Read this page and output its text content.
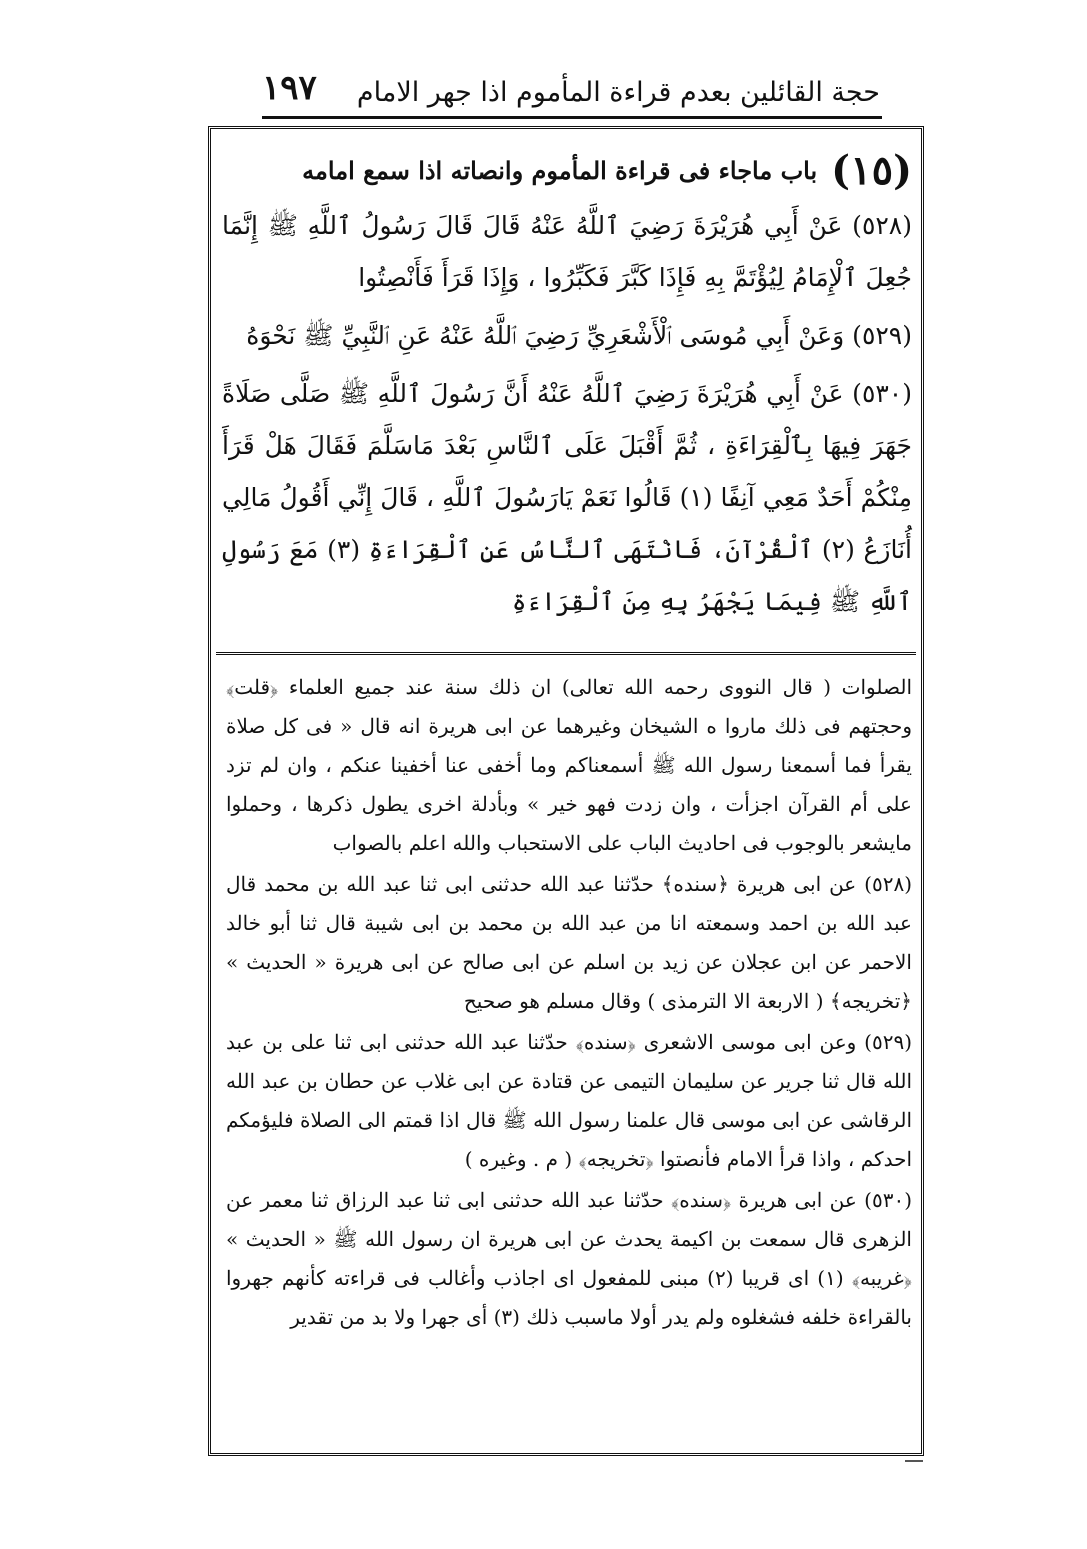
حجة القائلين بعدم قراءة المأموم اذا جهر الامام
١٩٧
(١٥)
باب ماجاء فى قراءة المأموم وانصاته اذا سمع امامه

(٥٢٨) عَنْ أَبِي هُرَيْرَةَ رَضِيَ ٱللَّهُ عَنْهُ قَالَ قَالَ رَسُولُ ٱللَّهِ ﷺ إِنَّمَا جُعِلَ ٱلْإِمَامُ لِيُؤْتَمَّ بِهِ فَإِذَا كَبَّرَ فَكَبِّرُوا ، وَإِذَا قَرَأَ فَأَنْصِتُوا

(٥٢٩) وَعَنْ أَبِي مُوسَى ٱلْأَشْعَرِيِّ رَضِيَ ٱللَّهُ عَنْهُ عَنِ ٱلنَّبِيِّ ﷺ نَحْوَهُ

(٥٣٠) عَنْ أَبِي هُرَيْرَةَ رَضِيَ ٱللَّهُ عَنْهُ أَنَّ رَسُولَ ٱللَّهِ ﷺ صَلَّى صَلَاةً جَهَرَ فِيهَا بِٱلْقِرَاءَةِ ، ثُمَّ أَقْبَلَ عَلَى ٱلنَّاسِ بَعْدَ مَاسَلَّمَ فَقَالَ هَلْ قَرَأَ مِنْكُمْ أَحَدٌ مَعِي آنِفًا (١) قَالُوا نَعَمْ يَارَسُولَ ٱللَّهِ ، قَالَ إِنِّي أَقُولُ مَالِي أُنَازَعُ (٢) ٱلْقُرْآنَ، فَانْتَهَى ٱلنَّاسُ عَنِ ٱلْقِرَاءَةِ (٣) مَعَ رَسُولِ ٱللَّهِ ﷺ فِيمَا يَجْهَرُ بِهِ مِنَ ٱلْقِرَاءَةِ

الصلوات ( قال النووى رحمه الله تعالى) ان ذلك سنة عند جميع العلماء ﴿قلت﴾ وحجتهم فى ذلك ماروا ه الشيخان وغيرهما عن ابى هريرة انه قال « فى كل صلاة يقرأ فما أسمعنا رسول الله ﷺ أسمعناكم وما أخفى عنا أخفينا عنكم ، وان لم تزد على أم القرآن اجزأت ، وان زدت فهو خير » وبأدلة اخرى يطول ذكرها ، وحملوا مايشعر بالوجوب فى احاديث الباب على الاستحباب والله اعلم بالصواب

(٥٢٨) عن ابى هريرة ﴿سنده﴾ حدّثنا عبد الله حدثنى ابى ثنا عبد الله بن محمد قال عبد الله بن احمد وسمعته انا من عبد الله بن محمد بن ابى شيبة قال ثنا أبو خالد الاحمر عن ابن عجلان عن زيد بن اسلم عن ابى صالح عن ابى هريرة « الحديث » ﴿تخريجه﴾ ( الاربعة الا الترمذى ) وقال مسلم هو صحيح

(٥٢٩) وعن ابى موسى الاشعرى ﴿سنده﴾ حدّثنا عبد الله حدثنى ابى ثنا على بن عبد الله قال ثنا جرير عن سليمان التيمى عن قتادة عن ابى غلاب عن حطان بن عبد الله الرقاشى عن ابى موسى قال علمنا رسول الله ﷺ قال اذا قمتم الى الصلاة فليؤمكم احدكم ، واذا قرأ الامام فأنصتوا ﴿تخريجه﴾ ( م . وغيره )

(٥٣٠) عن ابى هريرة ﴿سنده﴾ حدّثنا عبد الله حدثنى ابى ثنا عبد الرزاق ثنا معمر عن الزهرى قال سمعت بن اكيمة يحدث عن ابى هريرة ان رسول الله ﷺ « الحديث » ﴿غريبه﴾ (١) اى قريبا (٢) مبنى للمفعول اى اجاذب وأغالب فى قراءته كأنهم جهروا بالقراءة خلفه فشغلوه ولم يدر أولا ماسبب ذلك (٣) أى جهرا ولا بد من تقدير
